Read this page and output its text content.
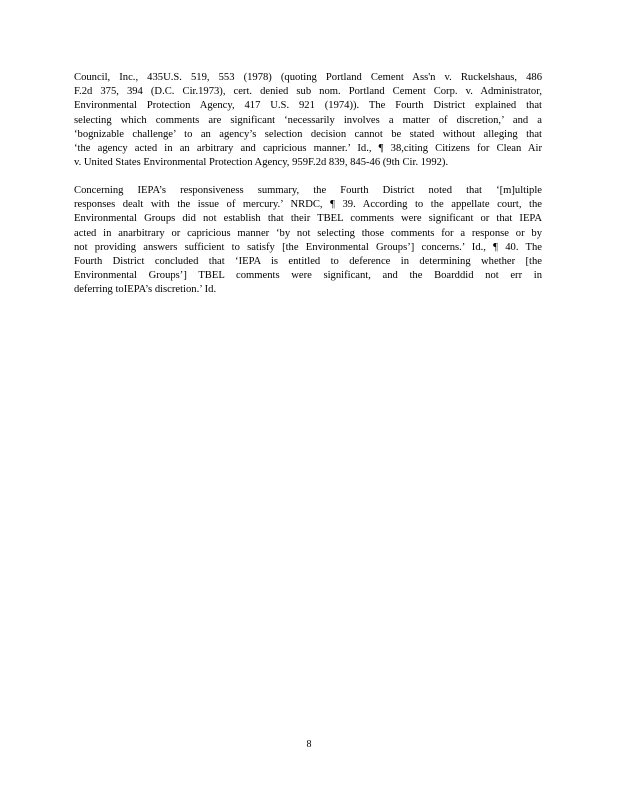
Council, Inc., 435U.S. 519, 553 (1978) (quoting Portland Cement Ass'n v. Ruckelshaus, 486
F.2d 375, 394 (D.C. Cir.1973), cert. denied sub nom. Portland Cement Corp. v. Administrator,
Environmental Protection Agency, 417 U.S. 921 (1974)). The Fourth District explained that
selecting which comments are significant ‘necessarily involves a matter of discretion,’ and a
‘bognizable challenge’ to an agency’s selection decision cannot be stated without alleging that
‘the agency acted in an arbitrary and capricious manner.’ Id., ¶ 38,citing Citizens for Clean Air
v. United States Environmental Protection Agency, 959F.2d 839, 845-46 (9th Cir. 1992).
Concerning IEPA’s responsiveness summary, the Fourth District noted that ‘[m]ultiple
responses dealt with the issue of mercury.’ NRDC, ¶ 39. According to the appellate court, the
Environmental Groups did not establish that their TBEL comments were significant or that IEPA
acted in anarbitrary or capricious manner ‘by not selecting those comments for a response or by
not providing answers sufficient to satisfy [the Environmental Groups’] concerns.’ Id., ¶ 40. The
Fourth District concluded that ‘IEPA is entitled to deference in determining whether [the
Environmental Groups’] TBEL comments were significant, and the Boarddid not err in
deferring toIEPA’s discretion.’ Id.
8
